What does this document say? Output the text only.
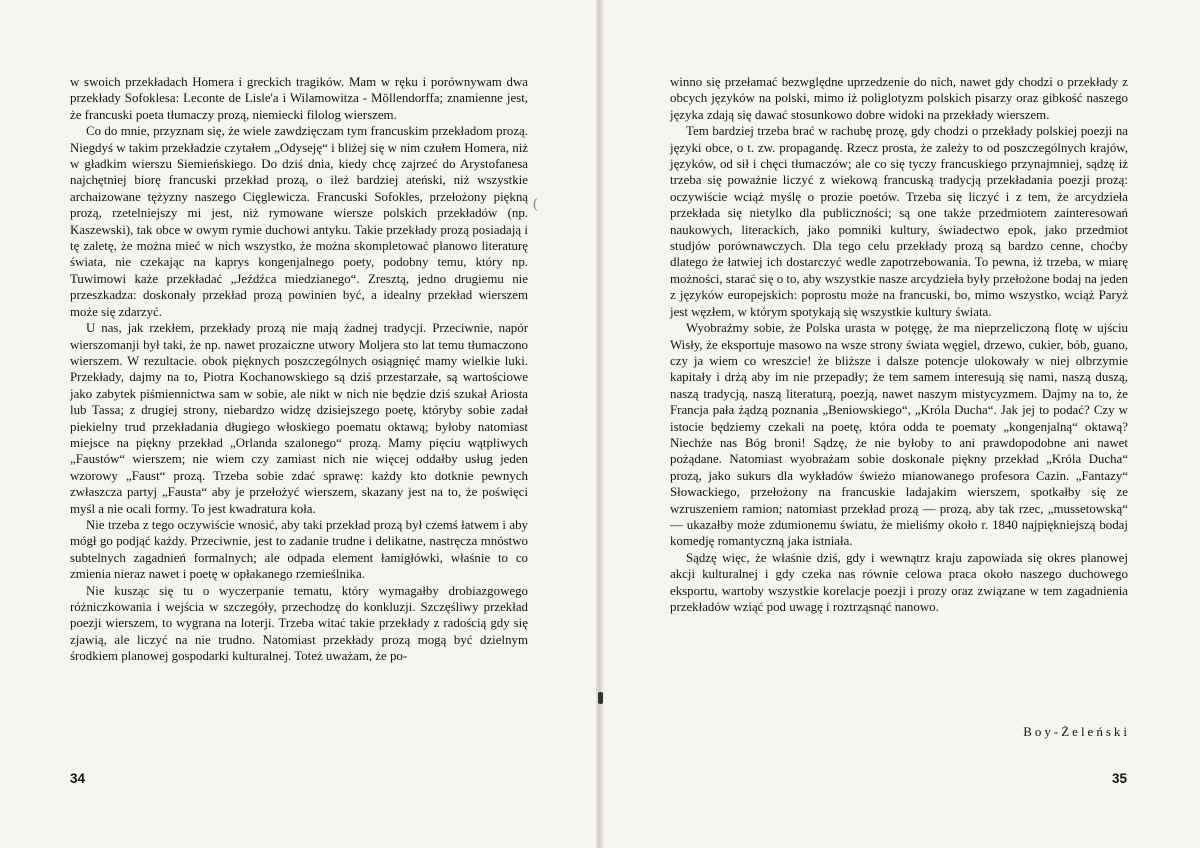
(

w swoich przekładach Homera i greckich tragików. Mam w ręku i porównywam dwa przekłady Sofoklesa: Leconte de Lisle'a i Wilamowitza - Möllendorffa; znamienne jest, że francuski poeta tłumaczy prozą, niemiecki filolog wierszem.

Co do mnie, przyznam się, że wiele zawdzięczam tym francuskim przekładom prozą. Niegdyś w takim przekładzie czytałem „Odyseję“ i bliżej się w nim czułem Homera, niż w gładkim wierszu Siemieńskiego. Do dziś dnia, kiedy chcę zajrzeć do Arystofanesa najchętniej biorę francuski przekład prozą, o ileż bardziej ateński, niż wszystkie archaizowane tężyzny naszego Cięglewicza. Francuski Sofokles, przełożony piękną prozą, rzetelniejszy mi jest, niż rymowane wiersze polskich przekładów (np. Kaszewski), tak obce w owym rymie duchowi antyku. Takie przekłady prozą posiadają i tę zaletę, że można mieć w nich wszystko, że można skompletować planowo literaturę świata, nie czekając na kaprys kongenjalnego poety, podobny temu, który np. Tuwimowi każe przekładać „Jeźdźca miedzianego“. Zresztą, jedno drugiemu nie przeszkadza: doskonały przekład prozą powinien być, a idealny przekład wierszem może się zdarzyć.

U nas, jak rzekłem, przekłady prozą nie mają żadnej tradycji. Przeciwnie, napór wierszomanji był taki, że np. nawet prozaiczne utwory Moljera sto lat temu tłumaczono wierszem. W rezultacie. obok pięknych poszczególnych osiągnięć mamy wielkie luki. Przekłady, dajmy na to, Piotra Kochanowskiego są dziś przestarzałe, są wartościowe jako zabytek piśmiennictwa sam w sobie, ale nikt w nich nie będzie dziś szukał Ariosta lub Tassa; z drugiej strony, niebardzo widzę dzisiejszego poetę, któryby sobie zadał piekielny trud przekładania długiego włoskiego poematu oktawą; byłoby natomiast miejsce na piękny przekład „Orlanda szalonego“ prozą. Mamy pięciu wątpliwych „Faustów“ wierszem; nie wiem czy zamiast nich nie więcej oddałby usług jeden wzorowy „Faust“ prozą. Trzeba sobie zdać sprawę: każdy kto dotknie pewnych zwłaszcza partyj „Fausta“ aby je przełożyć wierszem, skazany jest na to, że poświęci myśl a nie ocali formy. To jest kwadratura koła.

Nie trzeba z tego oczywiście wnosić, aby taki przekład prozą był czemś łatwem i aby mógł go podjąć każdy. Przeciwnie, jest to zadanie trudne i delikatne, nastręcza mnóstwo subtelnych zagadnień formalnych; ale odpada element łamigłówki, właśnie to co zmienia nieraz nawet i poetę w opłakanego rzemieślnika.

Nie kusząc się tu o wyczerpanie tematu, który wymagałby drobiazgowego różniczkowania i wejścia w szczegóły, przechodzę do konkluzji. Szczęśliwy przekład poezji wierszem, to wygrana na loterji. Trzeba witać takie przekłady z radością gdy się zjawią, ale liczyć na nie trudno. Natomiast przekłady prozą mogą być dzielnym środkiem planowej gospodarki kulturalnej. Toteż uważam, że po-

34

winno się przełamać bezwględne uprzedzenie do nich, nawet gdy chodzi o przekłady z obcych języków na polski, mimo iż poliglotyzm polskich pisarzy oraz gibkość naszego języka zdają się dawać stosunkowo dobre widoki na przekłady wierszem.

Tem bardziej trzeba brać w rachubę prozę, gdy chodzi o przekłady polskiej poezji na języki obce, o t. zw. propagandę. Rzecz prosta, że zależy to od poszczególnych krajów, języków, od sił i chęci tłumaczów; ale co się tyczy francuskiego przynajmniej, sądzę iż trzeba się poważnie liczyć z wiekową francuską tradycją przekładania poezji prozą: oczywiście wciąż myślę o prozie poetów. Trzeba się liczyć i z tem, że arcydzieła przekłada się nietylko dla publiczności; są one także przedmiotem zainteresowań naukowych, literackich, jako pomniki kultury, świadectwo epok, jako przedmiot studjów porównawczych. Dla tego celu przekłady prozą są bardzo cenne, choćby dlatego że łatwiej ich dostarczyć wedle zapotrzebowania. To pewna, iż trzeba, w miarę możności, starać się o to, aby wszystkie nasze arcydzieła były przełożone bodaj na jeden z języków europejskich: poprostu może na francuski, bo, mimo wszystko, wciąż Paryż jest węzłem, w którym spotykają się wszystkie kultury świata.

Wyobraźmy sobie, że Polska urasta w potęgę, że ma nieprzeliczoną flotę w ujściu Wisły, że eksportuje masowo na wsze strony świata węgiel, drzewo, cukier, bób, guano, czy ja wiem co wreszcie! że bliższe i dalsze potencje ulokowały w niej olbrzymie kapitały i drżą aby im nie przepadły; że tem samem interesują się nami, naszą duszą, naszą tradycją, naszą literaturą, poezją, nawet naszym mistycyzmem. Dajmy na to, że Francja pała żądzą poznania „Beniowskiego“, „Króla Ducha“. Jak jej to podać? Czy w istocie będziemy czekali na poetę, która odda te poematy „kongenjalną“ oktawą? Niechże nas Bóg broni! Sądzę, że nie byłoby to ani prawdopodobne ani nawet pożądane. Natomiast wyobrażam sobie doskonale piękny przekład „Króla Ducha“ prozą, jako sukurs dla wykładów świeżo mianowanego profesora Cazin. „Fantazy“ Słowackiego, przełożony na francuskie ladajakim wierszem, spotkałby się ze wzruszeniem ramion; natomiast przekład prozą — prozą, aby tak rzec, „mussetowską“ — ukazałby może zdumionemu światu, że mieliśmy około r. 1840 najpiękniejszą bodaj komedję romantyczną jaka istniała.

Sądzę więc, że właśnie dziś, gdy i wewnątrz kraju zapowiada się okres planowej akcji kulturalnej i gdy czeka nas równie celowa praca około naszego duchowego eksportu, wartoby wszystkie korelacje poezji i prozy oraz związane w tem zagadnienia przekładów wziąć pod uwagę i roztrząsnąć nanowo.

Boy-Żeleński
35
